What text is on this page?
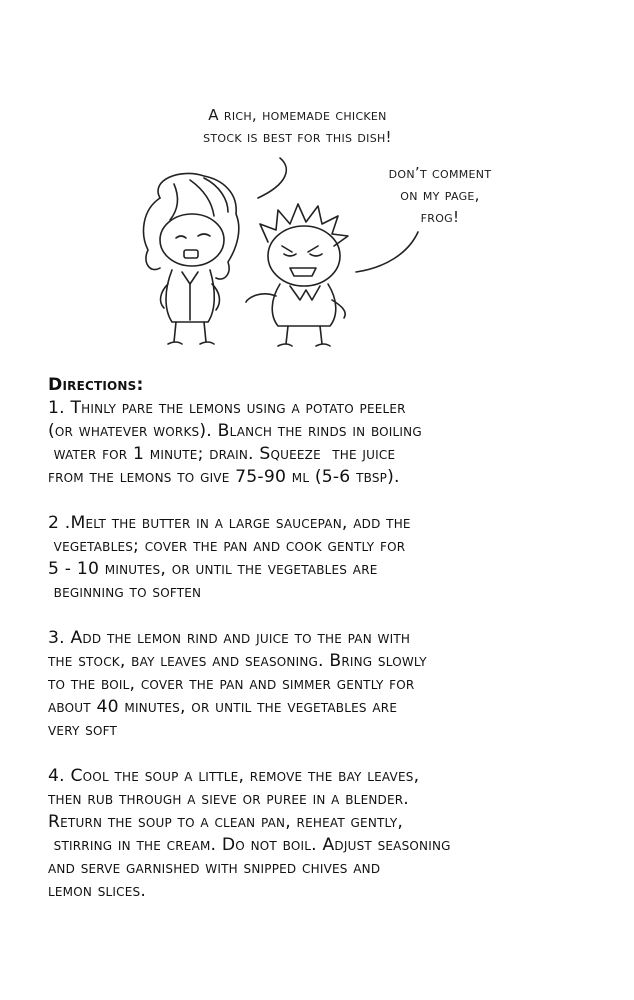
A rich, homemade chicken
stock is best for this dish!
don’t comment
on my page,
frog!
Directions:
1. Thinly pare the lemons using a potato peeler
(or whatever works). Blanch the rinds in boiling
water for 1 minute; drain. Squeeze  the juice
from the lemons to give 75-90 ml (5-6 tbsp).
2 .Melt the butter in a large saucepan, add the
vegetables; cover the pan and cook gently for
5 - 10 minutes, or until the vegetables are
beginning to soften
3. Add the lemon rind and juice to the pan with
the stock, bay leaves and seasoning. Bring slowly
to the boil, cover the pan and simmer gently for
about 40 minutes, or until the vegetables are
very soft
4. Cool the soup a little, remove the bay leaves,
then rub through a sieve or puree in a blender.
Return the soup to a clean pan, reheat gently,
stirring in the cream. Do not boil. Adjust seasoning
and serve garnished with snipped chives and
lemon slices.
